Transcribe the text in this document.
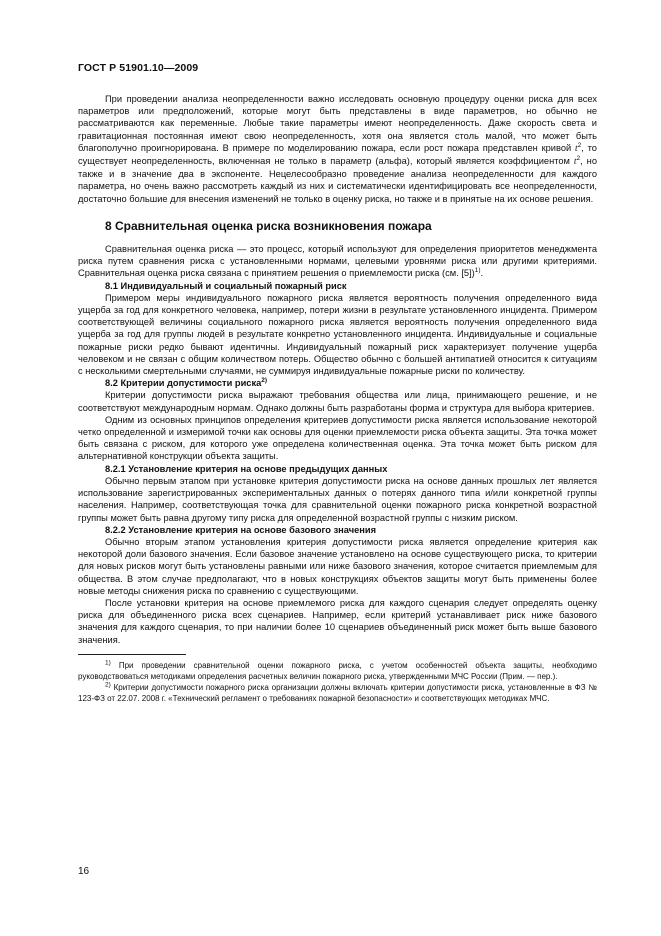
ГОСТ Р 51901.10—2009

При проведении анализа неопределенности важно исследовать основную процедуру оценки риска для всех параметров или предположений, которые могут быть представлены в виде параметров, но обычно не рассматриваются как переменные. Любые такие параметры имеют неопределенность. Даже скорость света и гравитационная постоянная имеют свою неопределенность, хотя она является столь малой, что может быть благополучно проигнорирована. В примере по моделированию пожара, если рост пожара представлен кривой $t^2$, то существует неопределенность, включенная не только в параметр (альфа), который является коэффициентом $t^2$, но также и в значение два в экспоненте. Нецелесообразно проведение анализа неопределенности для каждого параметра, но очень важно рассмотреть каждый из них и систематически идентифицировать все неопределенности, достаточно большие для внесения изменений не только в оценку риска, но также и в принятые на их основе решения.

8 Сравнительная оценка риска возникновения пожара

Сравнительная оценка риска — это процесс, который используют для определения приоритетов менеджмента риска путем сравнения риска с установленными нормами, целевыми уровнями риска или другими критериями. Сравнительная оценка риска связана с принятием решения о приемлемости риска (см. [5])$^{1)}$.

8.1 Индивидуальный и социальный пожарный риск

Примером меры индивидуального пожарного риска является вероятность получения определенного вида ущерба за год для конкретного человека, например, потери жизни в результате установленного инцидента. Примером соответствующей величины социального пожарного риска является вероятность получения определенного вида ущерба за год для группы людей в результате конкретно установленного инцидента. Индивидуальные и социальные пожарные риски редко бывают идентичны. Индивидуальный пожарный риск характеризует получение ущерба человеком и не связан с общим количеством потерь. Общество обычно с большей антипатией относится к ситуациям с несколькими смертельными случаями, не суммируя индивидуальные пожарные риски по количеству.

8.2 Критерии допустимости риска$^{2)}$

Критерии допустимости риска выражают требования общества или лица, принимающего решение, и не соответствуют международным нормам. Однако должны быть разработаны форма и структура для выбора критериев.

Одним из основных принципов определения критериев допустимости риска является использование некоторой четко определенной и измеримой точки как основы для оценки приемлемости риска объекта защиты. Эта точка может быть связана с риском, для которого уже определена количественная оценка. Эта точка может быть риском для альтернативной конструкции объекта защиты.

8.2.1 Установление критерия на основе предыдущих данных

Обычно первым этапом при установке критерия допустимости риска на основе данных прошлых лет является использование зарегистрированных экспериментальных данных о потерях данного типа и/или конкретной группы населения. Например, соответствующая точка для сравнительной оценки пожарного риска конкретной возрастной группы может быть равна другому типу риска для определенной возрастной группы с низким риском.

8.2.2 Установление критерия на основе базового значения

Обычно вторым этапом установления критерия допустимости риска является определение критерия как некоторой доли базового значения. Если базовое значение установлено на основе существующего риска, то критерии для новых рисков могут быть установлены равными или ниже базового значения, которое считается приемлемым для общества. В этом случае предполагают, что в новых конструкциях объектов защиты могут быть применены более новые методы снижения риска по сравнению с существующими.

После установки критерия на основе приемлемого риска для каждого сценария следует определять оценку риска для объединенного риска всех сценариев. Например, если критерий устанавливает риск ниже базового значения для каждого сценария, то при наличии более 10 сценариев объединенный риск может быть выше базового значения.

$^{1)}$ При проведении сравнительной оценки пожарного риска, с учетом особенностей объекта защиты, необходимо руководствоваться методиками определения расчетных величин пожарного риска, утвержденными МЧС России (Прим. — пер.).

$^{2)}$ Критерии допустимости пожарного риска организации должны включать критерии допустимости риска, установленные в ФЗ № 123-ФЗ от 22.07. 2008 г. «Технический регламент о требованиях пожарной безопасности» и соответствующих методиках МЧС.

16
